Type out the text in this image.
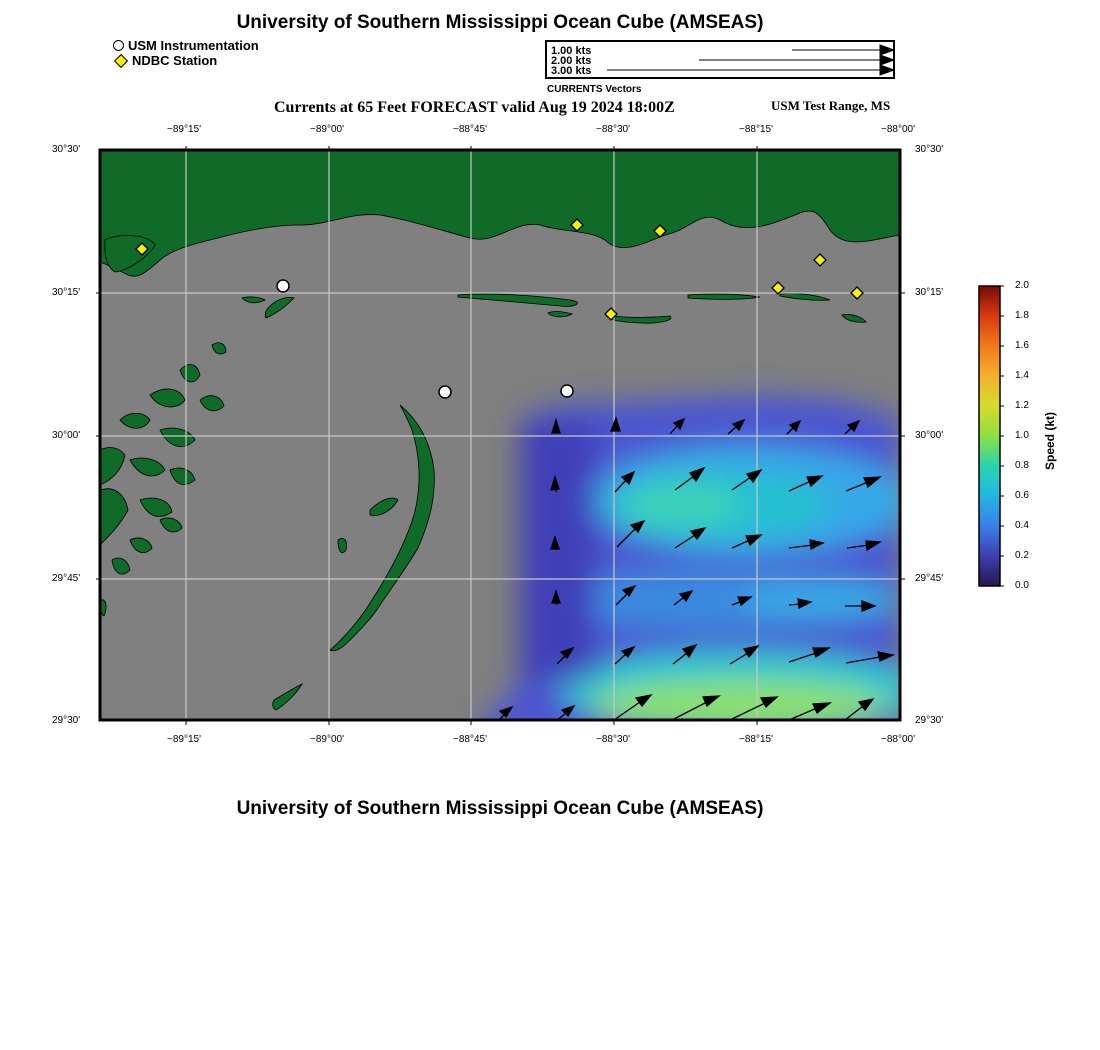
University of Southern Mississippi Ocean Cube (AMSEAS)
USM Instrumentation
NDBC Station
1.00 kts
2.00 kts
3.00 kts
CURRENTS Vectors
Currents at 65 Feet FORECAST valid Aug 19 2024 18:00Z	USM Test Range, MS
−89°15'	−89°00'	−88°45'	−88°30'	−88°15'	−88°00'
−89°15'	−89°00'	−88°45'	−88°30'	−88°15'	−88°00'
30°30'
30°15'
30°00'
29°45'
29°30'
30°30'
30°15'
30°00'
29°45'
29°30'
2.0
1.8
1.6
1.4
1.2
1.0
0.8
0.6
0.4
0.2
0.0
Speed (kt)
University of Southern Mississippi Ocean Cube (AMSEAS)
